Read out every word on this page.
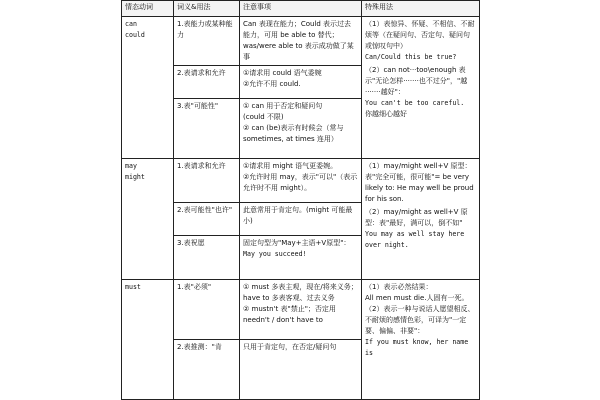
情态动词	词义&用法	注意事项	特殊用法

can
could	1.表能力或某种能力	Can 表现在能力；Could 表示过去能力，可用 be able to 替代； was/were able to 表示成功做了某事	（1）表惊异、怀疑、不相信、不耐烦等（在疑问句、否定句、疑问句或惊叹句中）
Can/Could this be true?
（2）can not···too\enough 表示"无论怎样·······也不过分"，"越·······越好"：
You can't be too careful.
你越细心越好

	2.表请求和允许	①请求用 could 语气委婉
②允许不用 could.	

	3.表"可能性"	① can 用于否定和疑问句
(could 不限)
② can (be)表示有时候会（常与 sometimes, at times 连用）	

may
might	1.表请求和允许	①请求用 might 语气更委婉。
②允许时用 may，表示"可以"（表示允许时不用 might）。	（1）may/might well+V 原型：表"完全可能，很可能"= be very likely to: He may well be proud for his son.
（2）may/might as well+V 原型：表"最好，满可以，倒不如"
You may as well stay here over night.

	2.表可能性"也许"	此意常用于肯定句。(might 可能最小)	
	3.表祝愿	固定句型为"May+主语+V原型"：
May you succeed!	

must	1.表"必须"	① must 多表主观，现在/将来义务；have to 多表客观、过去义务
② mustn't 表"禁止"；否定用 needn't / don't have to	（1）表示必然结果：
All men must die.人固有一死。
（2）表示一种与说话人愿望相反、不耐烦的感情色彩，可译为"一定要、偏偏、非要"：
If you must know, her name is

	2.表推测："肯	只用于肯定句，在否定/疑问句	
